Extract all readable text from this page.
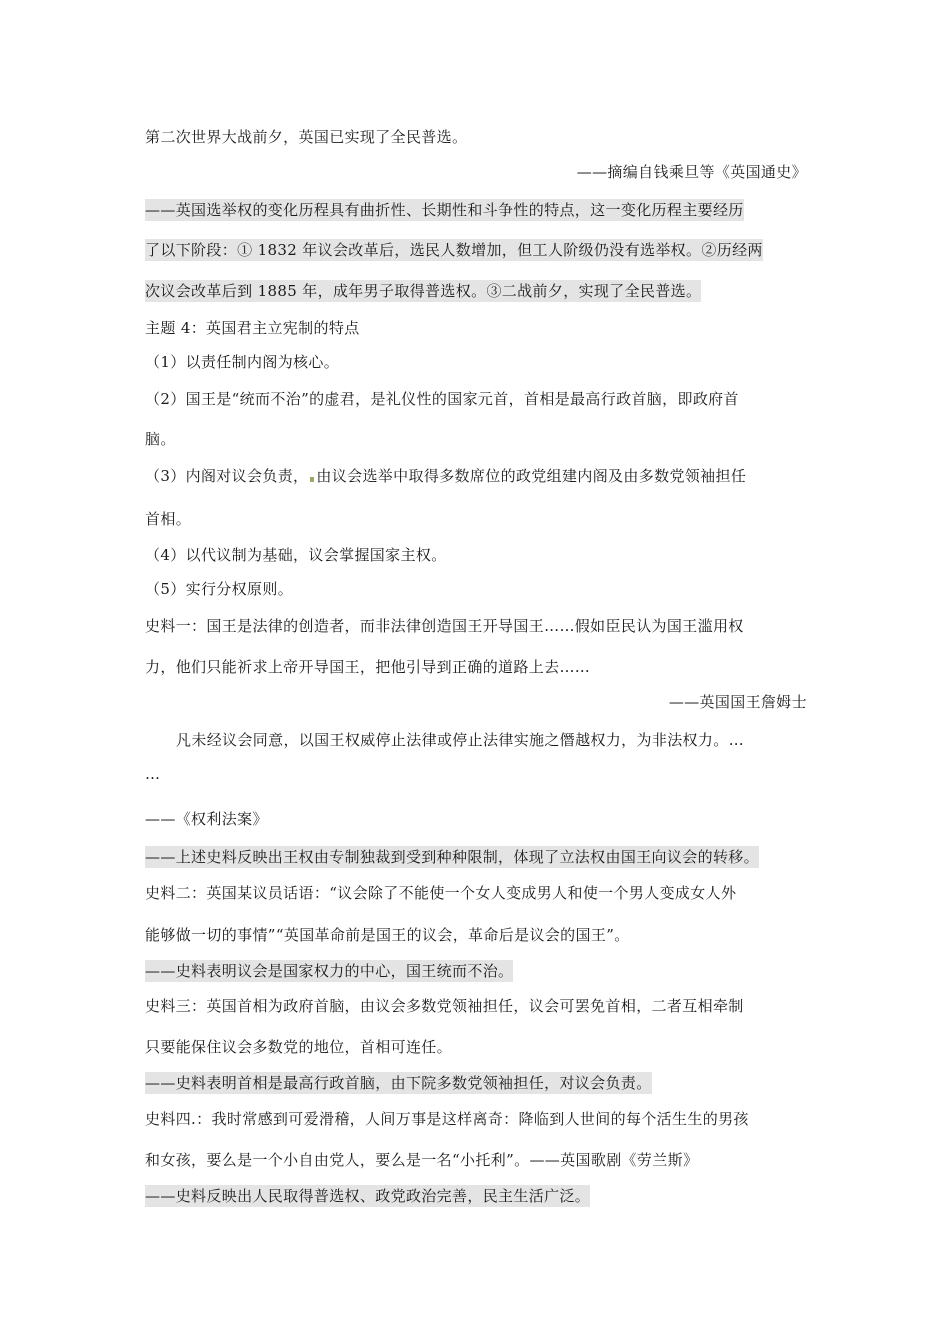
第二次世界大战前夕，英国已实现了全民普选。
——摘编自钱乘旦等《英国通史》
——英国选举权的变化历程具有曲折性、长期性和斗争性的特点，这一变化历程主要经历
了以下阶段：① 1832 年议会改革后，选民人数增加，但工人阶级仍没有选举权。②历经两
次议会改革后到 1885 年，成年男子取得普选权。③二战前夕，实现了全民普选。
主题 4：英国君主立宪制的特点
（1）以责任制内阁为核心。
（2）国王是“统而不治”的虚君，是礼仪性的国家元首，首相是最高行政首脑，即政府首
脑。
（3）内阁对议会负责， 由议会选举中取得多数席位的政党组建内阁及由多数党领袖担任
首相。
（4）以代议制为基础，议会掌握国家主权。
（5）实行分权原则。
史料一：国王是法律的创造者，而非法律创造国王开导国王……假如臣民认为国王滥用权
力，他们只能祈求上帝开导国王，把他引导到正确的道路上去……
——英国国王詹姆士
凡未经议会同意，以国王权威停止法律或停止法律实施之僭越权力，为非法权力。…
…
——《权利法案》
——上述史料反映出王权由专制独裁到受到种种限制，体现了立法权由国王向议会的转移。
史料二：英国某议员话语：“议会除了不能使一个女人变成男人和使一个男人变成女人外
能够做一切的事情”“英国革命前是国王的议会，革命后是议会的国王”。
——史料表明议会是国家权力的中心，国王统而不治。
史料三：英国首相为政府首脑，由议会多数党领袖担任，议会可罢免首相，二者互相牵制
只要能保住议会多数党的地位，首相可连任。
——史料表明首相是最高行政首脑，由下院多数党领袖担任，对议会负责。
史料四.：我时常感到可爱滑稽，人间万事是这样离奇：降临到人世间的每个活生生的男孩
和女孩，要么是一个小自由党人，要么是一名“小托利”。——英国歌剧《劳兰斯》
——史料反映出人民取得普选权、政党政治完善，民主生活广泛。
